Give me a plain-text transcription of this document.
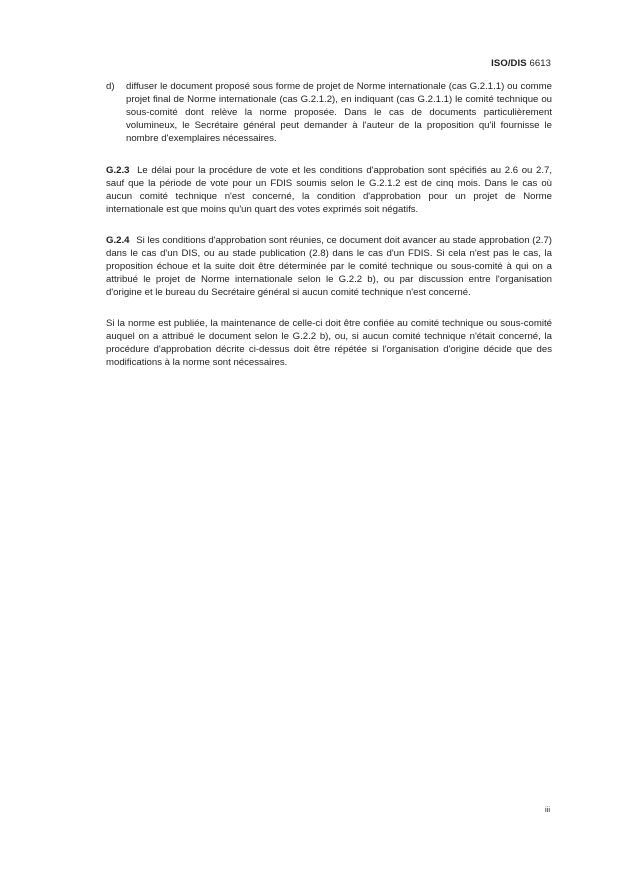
ISO/DIS 6613
d) diffuser le document proposé sous forme de projet de Norme internationale (cas G.2.1.1) ou comme projet final de Norme internationale (cas G.2.1.2), en indiquant (cas G.2.1.1) le comité technique ou sous-comité dont relève la norme proposée. Dans le cas de documents particulièrement volumineux, le Secrétaire général peut demander à l'auteur de la proposition qu'il fournisse le nombre d'exemplaires nécessaires.

G.2.3 Le délai pour la procédure de vote et les conditions d'approbation sont spécifiés au 2.6 ou 2.7, sauf que la période de vote pour un FDIS soumis selon le G.2.1.2 est de cinq mois. Dans le cas où aucun comité technique n'est concerné, la condition d'approbation pour un projet de Norme internationale est que moins qu'un quart des votes exprimés soit négatifs.

G.2.4 Si les conditions d'approbation sont réunies, ce document doit avancer au stade approbation (2.7) dans le cas d'un DIS, ou au stade publication (2.8) dans le cas d'un FDIS. Si cela n'est pas le cas, la proposition échoue et la suite doit être déterminée par le comité technique ou sous-comité à qui on a attribué le projet de Norme internationale selon le G.2.2 b), ou par discussion entre l'organisation d'origine et le bureau du Secrétaire général si aucun comité technique n'est concerné.

Si la norme est publiée, la maintenance de celle-ci doit être confiée au comité technique ou sous-comité auquel on a attribué le document selon le G.2.2 b), ou, si aucun comité technique n'était concerné, la procédure d'approbation décrite ci-dessus doit être répétée si l'organisation d'origine décide que des modifications à la norme sont nécessaires.

iii
